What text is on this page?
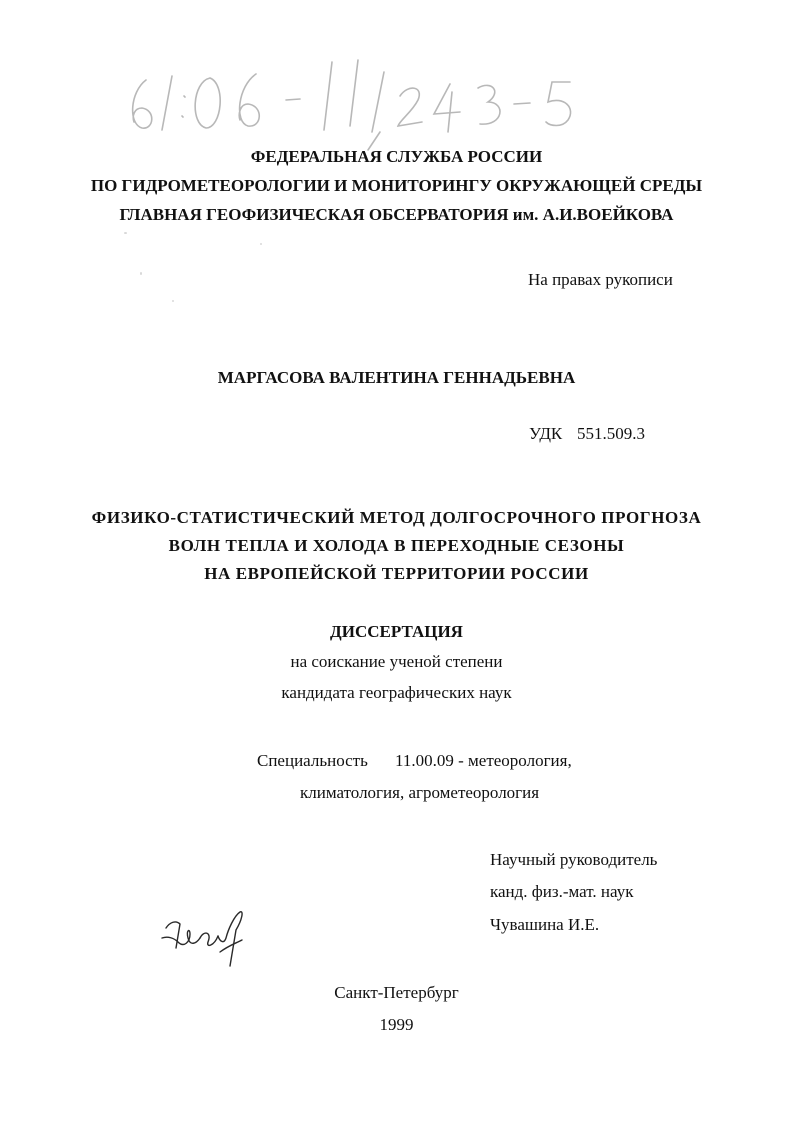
ФЕДЕРАЛЬНАЯ СЛУЖБА РОССИИ
ПО ГИДРОМЕТЕОРОЛОГИИ И МОНИТОРИНГУ ОКРУЖАЮЩЕЙ СРЕДЫ
ГЛАВНАЯ ГЕОФИЗИЧЕСКАЯ ОБСЕРВАТОРИЯ им. А.И.ВОЕЙКОВА
На правах рукописи
МАРГАСОВА ВАЛЕНТИНА ГЕННАДЬЕВНА
УДК 551.509.3
ФИЗИКО-СТАТИСТИЧЕСКИЙ МЕТОД ДОЛГОСРОЧНОГО ПРОГНОЗА
ВОЛН ТЕПЛА И ХОЛОДА В ПЕРЕХОДНЫЕ СЕЗОНЫ
НА ЕВРОПЕЙСКОЙ ТЕРРИТОРИИ РОССИИ
ДИССЕРТАЦИЯ
на соискание ученой степени
кандидата географических наук
Специальность 11.00.09 - метеорология,
климатология, агрометеорология
Научный руководитель
канд. физ.-мат. наук
Чувашина И.Е.
Санкт-Петербург
1999
